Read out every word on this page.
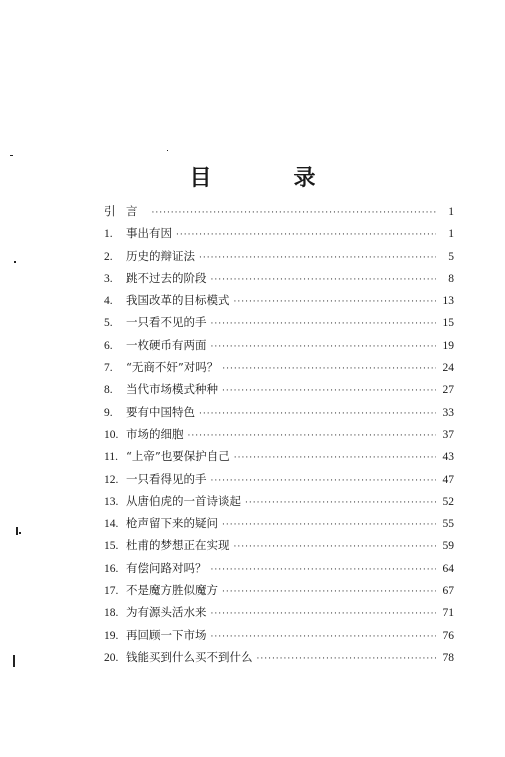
目　录
引 言 ·····	1
1.	事出有因 ·····	1
2.	历史的辩证法 ·····	5
3.	跳不过去的阶段 ·····	8
4.	我国改革的目标模式 ·····	13
5.	一只看不见的手 ·····	15
6.	一枚硬币有两面 ·····	19
7.	“无商不奸”对吗？ ·····	24
8.	当代市场模式种种 ·····	27
9.	要有中国特色 ·····	33
10. 市场的细胞 ·····	37
11. “上帝”也要保护自己 ·····	43
12. 一只看得见的手 ·····	47
13. 从唐伯虎的一首诗谈起 ·····	52
14. 枪声留下来的疑问 ·····	55
15. 杜甫的梦想正在实现 ·····	59
16. 有偿问路对吗？ ·····	64
17. 不是魔方胜似魔方 ·····	67
18. 为有源头活水来 ·····	71
19. 再回顾一下市场 ·····	76
20. 钱能买到什么买不到什么 ·····	78
